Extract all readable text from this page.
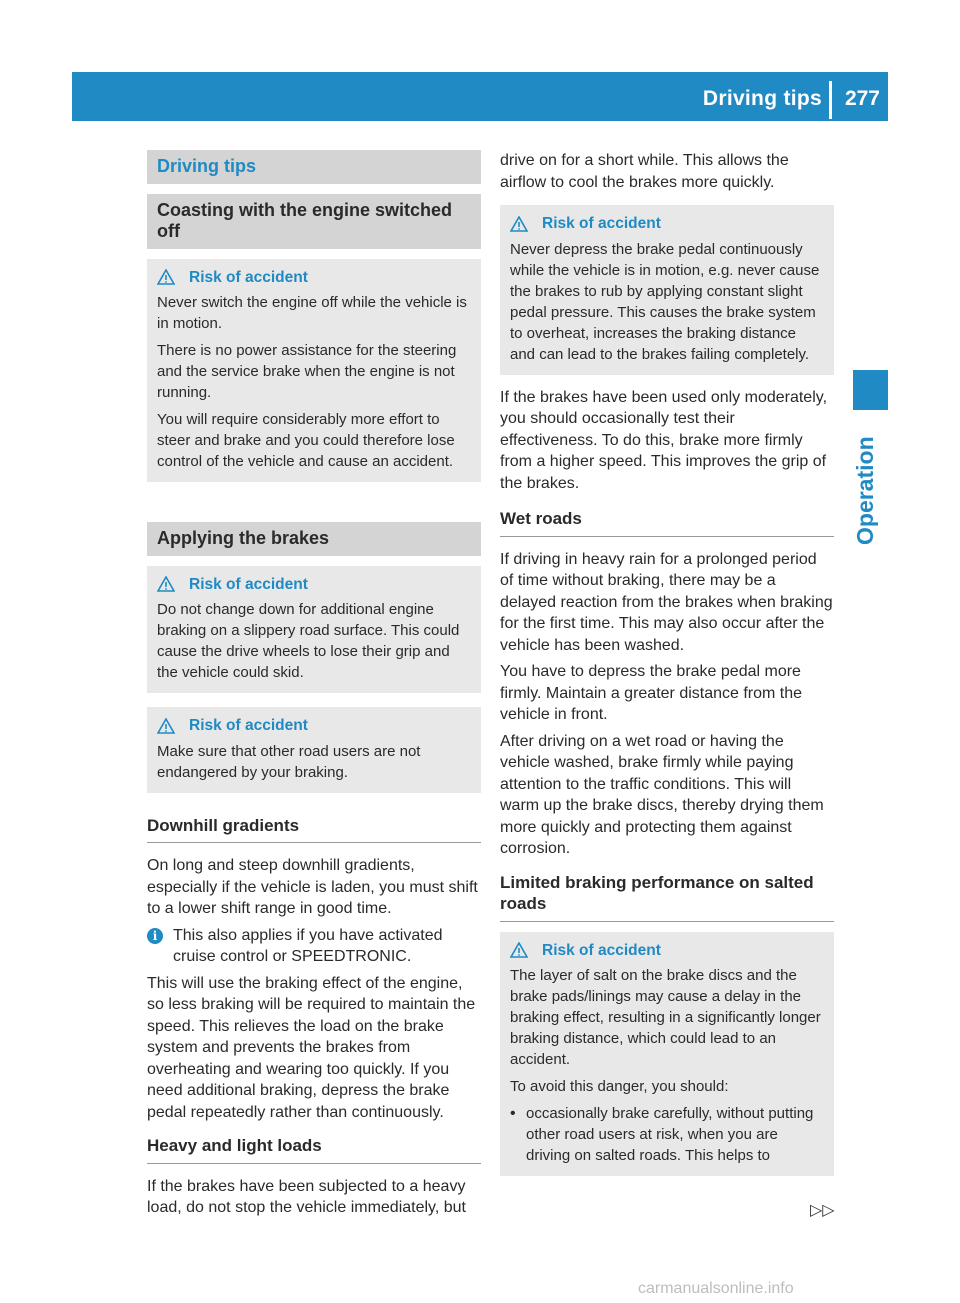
Driving tips 277
Operation
Driving tips
Coasting with the engine switched off
Risk of accident

Never switch the engine off while the vehicle is in motion.

There is no power assistance for the steering and the service brake when the engine is not running.

You will require considerably more effort to steer and brake and you could therefore lose control of the vehicle and cause an accident.

Applying the brakes
Risk of accident

Do not change down for additional engine braking on a slippery road surface. This could cause the drive wheels to lose their grip and the vehicle could skid.

Risk of accident

Make sure that other road users are not endangered by your braking.

Downhill gradients

On long and steep downhill gradients, especially if the vehicle is laden, you must shift to a lower shift range in good time.

i This also applies if you have activated cruise control or SPEEDTRONIC.

This will use the braking effect of the engine, so less braking will be required to maintain the speed. This relieves the load on the brake system and prevents the brakes from overheating and wearing too quickly. If you need additional braking, depress the brake pedal repeatedly rather than continuously.

Heavy and light loads

If the brakes have been subjected to a heavy load, do not stop the vehicle immediately, but

drive on for a short while. This allows the airflow to cool the brakes more quickly.

Risk of accident

Never depress the brake pedal continuously while the vehicle is in motion, e.g. never cause the brakes to rub by applying constant slight pedal pressure. This causes the brake system to overheat, increases the braking distance and can lead to the brakes failing completely.

If the brakes have been used only moderately, you should occasionally test their effectiveness. To do this, brake more firmly from a higher speed. This improves the grip of the brakes.

Wet roads

If driving in heavy rain for a prolonged period of time without braking, there may be a delayed reaction from the brakes when braking for the first time. This may also occur after the vehicle has been washed.

You have to depress the brake pedal more firmly. Maintain a greater distance from the vehicle in front.

After driving on a wet road or having the vehicle washed, brake firmly while paying attention to the traffic conditions. This will warm up the brake discs, thereby drying them more quickly and protecting them against corrosion.

Limited braking performance on salted roads
Risk of accident

The layer of salt on the brake discs and the brake pads/linings may cause a delay in the braking effect, resulting in a significantly longer braking distance, which could lead to an accident.

To avoid this danger, you should:

• occasionally brake carefully, without putting other road users at risk, when you are driving on salted roads. This helps to
▷▷
carmanualsonline.info
